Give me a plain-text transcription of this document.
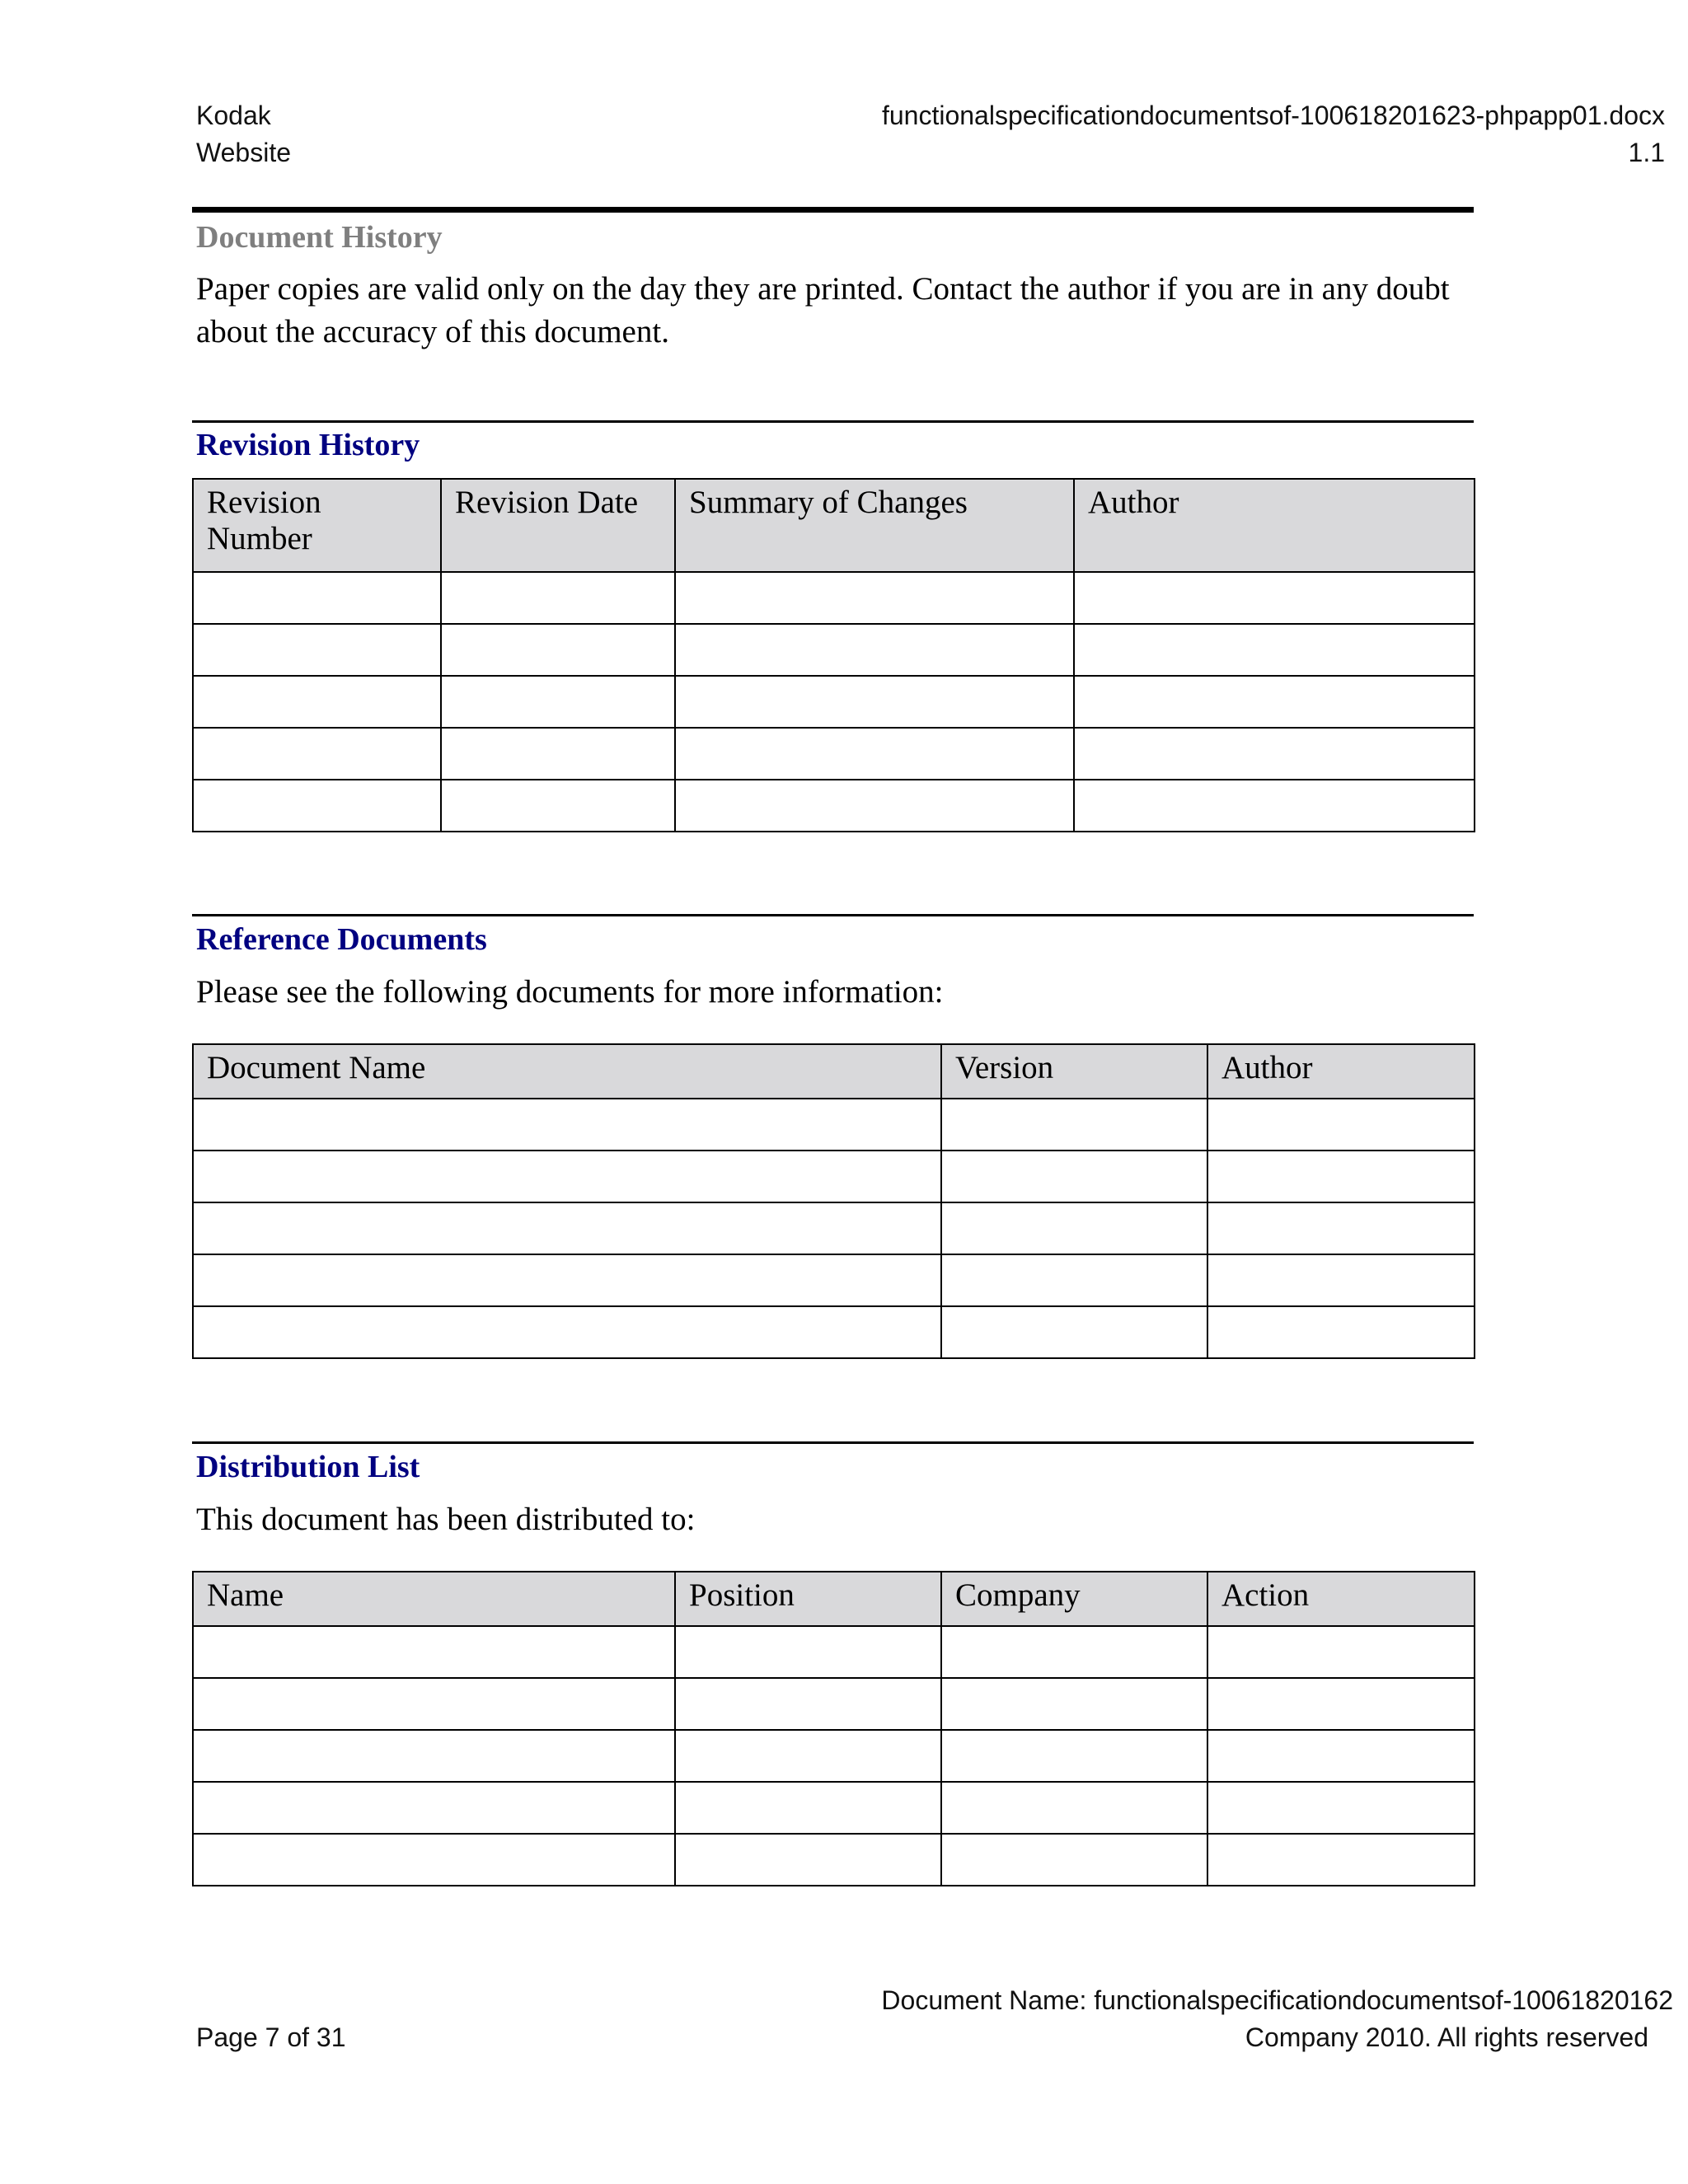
Kodak
Website
functionalspecificationdocumentsof-100618201623-phpapp01.docx
1.1
Document History
Paper copies are valid only on the day they are printed. Contact the author if you are in any doubt about the accuracy of this document.
Revision History
Revision Number	Revision Date	Summary of Changes	Author

Reference Documents
Please see the following documents for more information:
Document Name	Version	Author

Distribution List
This document has been distributed to:
Name	Position	Company	Action

Page 7 of 31
Document Name: functionalspecificationdocumentsof-10061820162
Company 2010. All rights reserved
